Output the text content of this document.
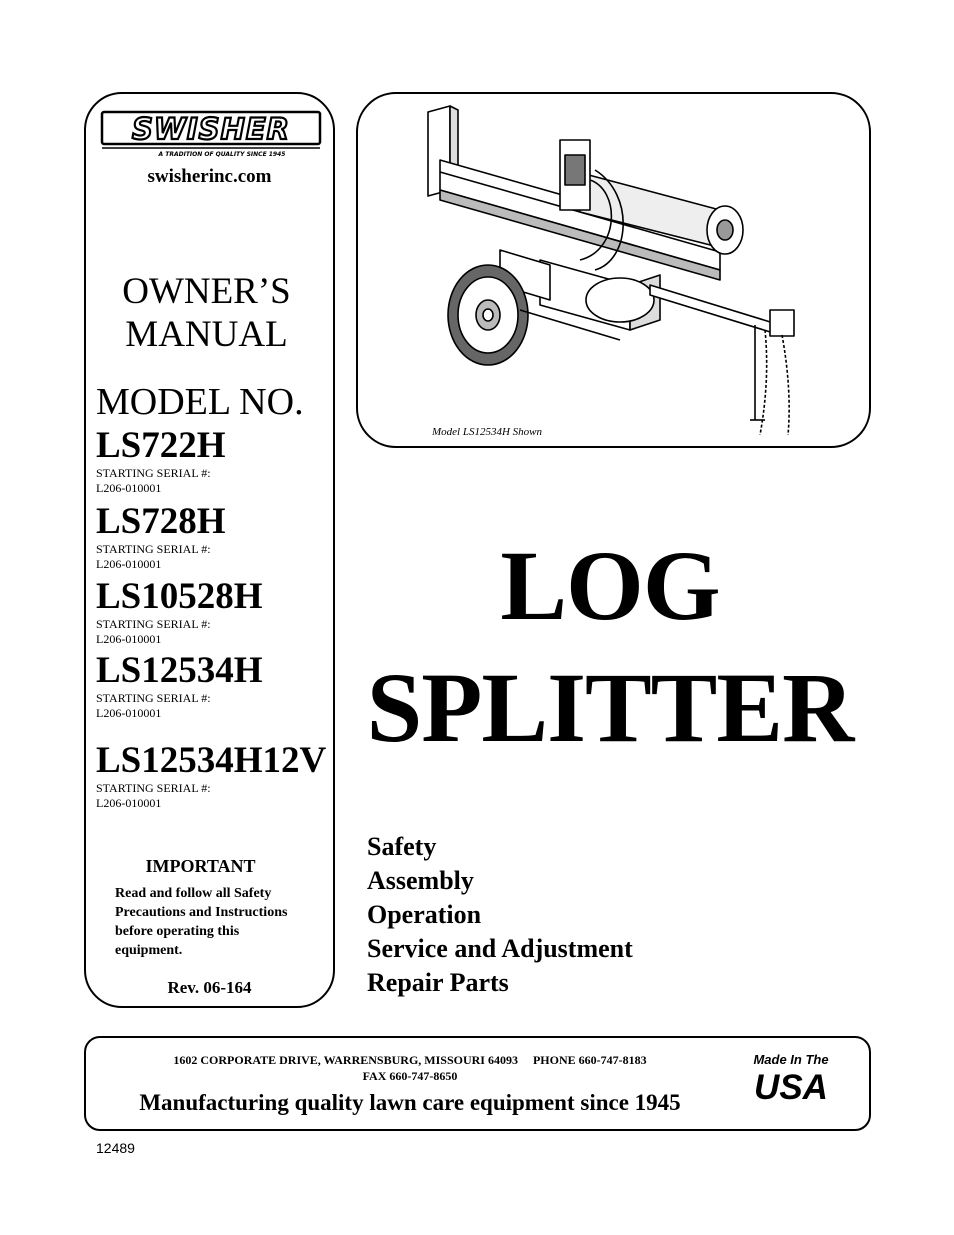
SWISHER
A TRADITION OF QUALITY SINCE 1945
swisherinc.com
OWNER’S
MANUAL
MODEL NO.
LS722H
STARTING SERIAL #:
L206-010001
LS728H
STARTING SERIAL #:
L206-010001
LS10528H
STARTING SERIAL #:
L206-010001
LS12534H
STARTING SERIAL #:
L206-010001
LS12534H12V
STARTING SERIAL #:
L206-010001
IMPORTANT
Read and follow all Safety
Precautions and Instructions
before operating this
equipment.
Rev. 06-164
Model LS12534H Shown
LOG
SPLITTER
Safety
Assembly
Operation
Service and Adjustment
Repair Parts
1602 CORPORATE DRIVE, WARRENSBURG, MISSOURI 64093     PHONE 660-747-8183
FAX 660-747-8650
Manufacturing quality lawn care equipment since 1945
Made In The
USA
12489
